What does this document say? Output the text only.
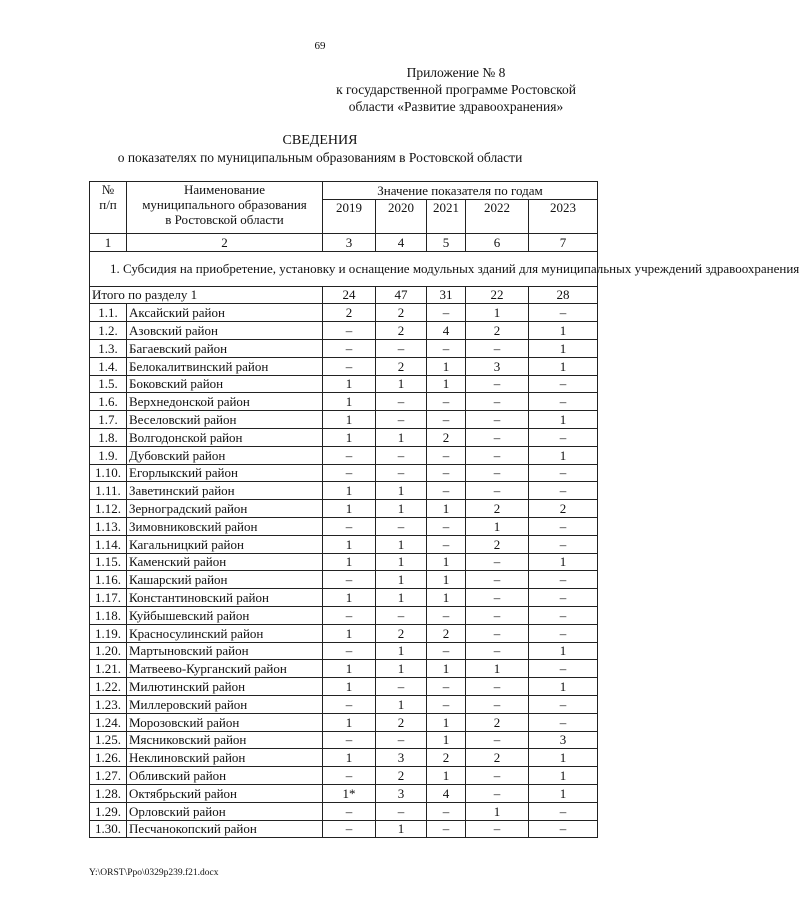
69
Приложение № 8
к государственной программе Ростовской
области «Развитие здравоохранения»
СВЕДЕНИЯ
о показателях по муниципальным образованиям в Ростовской области
№
п/п	Наименование
муниципального образования
в Ростовской области	Значение показателя по годам				
		2019	2020	2021	2022	2023
1	2	3	4	5	6	7
1. Субсидия на приобретение, установку и оснащение модульных зданий для муниципальных учреждений здравоохранения						
Итого по разделу 1		24	47	31	22	28
1.1.	Аксайский район	2	2	–	1	–
1.2.	Азовский район	–	2	4	2	1
1.3.	Багаевский район	–	–	–	–	1
1.4.	Белокалитвинский район	–	2	1	3	1
1.5.	Боковский район	1	1	1	–	–
1.6.	Верхнедонской район	1	–	–	–	–
1.7.	Веселовский район	1	–	–	–	1
1.8.	Волгодонской район	1	1	2	–	–
1.9.	Дубовский район	–	–	–	–	1
1.10.	Егорлыкский район	–	–	–	–	–
1.11.	Заветинский район	1	1	–	–	–
1.12.	Зерноградский район	1	1	1	2	2
1.13.	Зимовниковский район	–	–	–	1	–
1.14.	Кагальницкий район	1	1	–	2	–
1.15.	Каменский район	1	1	1	–	1
1.16.	Кашарский район	–	1	1	–	–
1.17.	Константиновский район	1	1	1	–	–
1.18.	Куйбышевский район	–	–	–	–	–
1.19.	Красносулинский район	1	2	2	–	–
1.20.	Мартыновский район	–	1	–	–	1
1.21.	Матвеево-Курганский район	1	1	1	1	–
1.22.	Милютинский район	1	–	–	–	1
1.23.	Миллеровский район	–	1	–	–	–
1.24.	Морозовский район	1	2	1	2	–
1.25.	Мясниковский район	–	–	1	–	3
1.26.	Неклиновский район	1	3	2	2	1
1.27.	Обливский район	–	2	1	–	1
1.28.	Октябрьский район	1*	3	4	–	1
1.29.	Орловский район	–	–	–	1	–
1.30.	Песчанокопский район	–	1	–	–	–
Y:\ORST\Ppo\0329p239.f21.docx
